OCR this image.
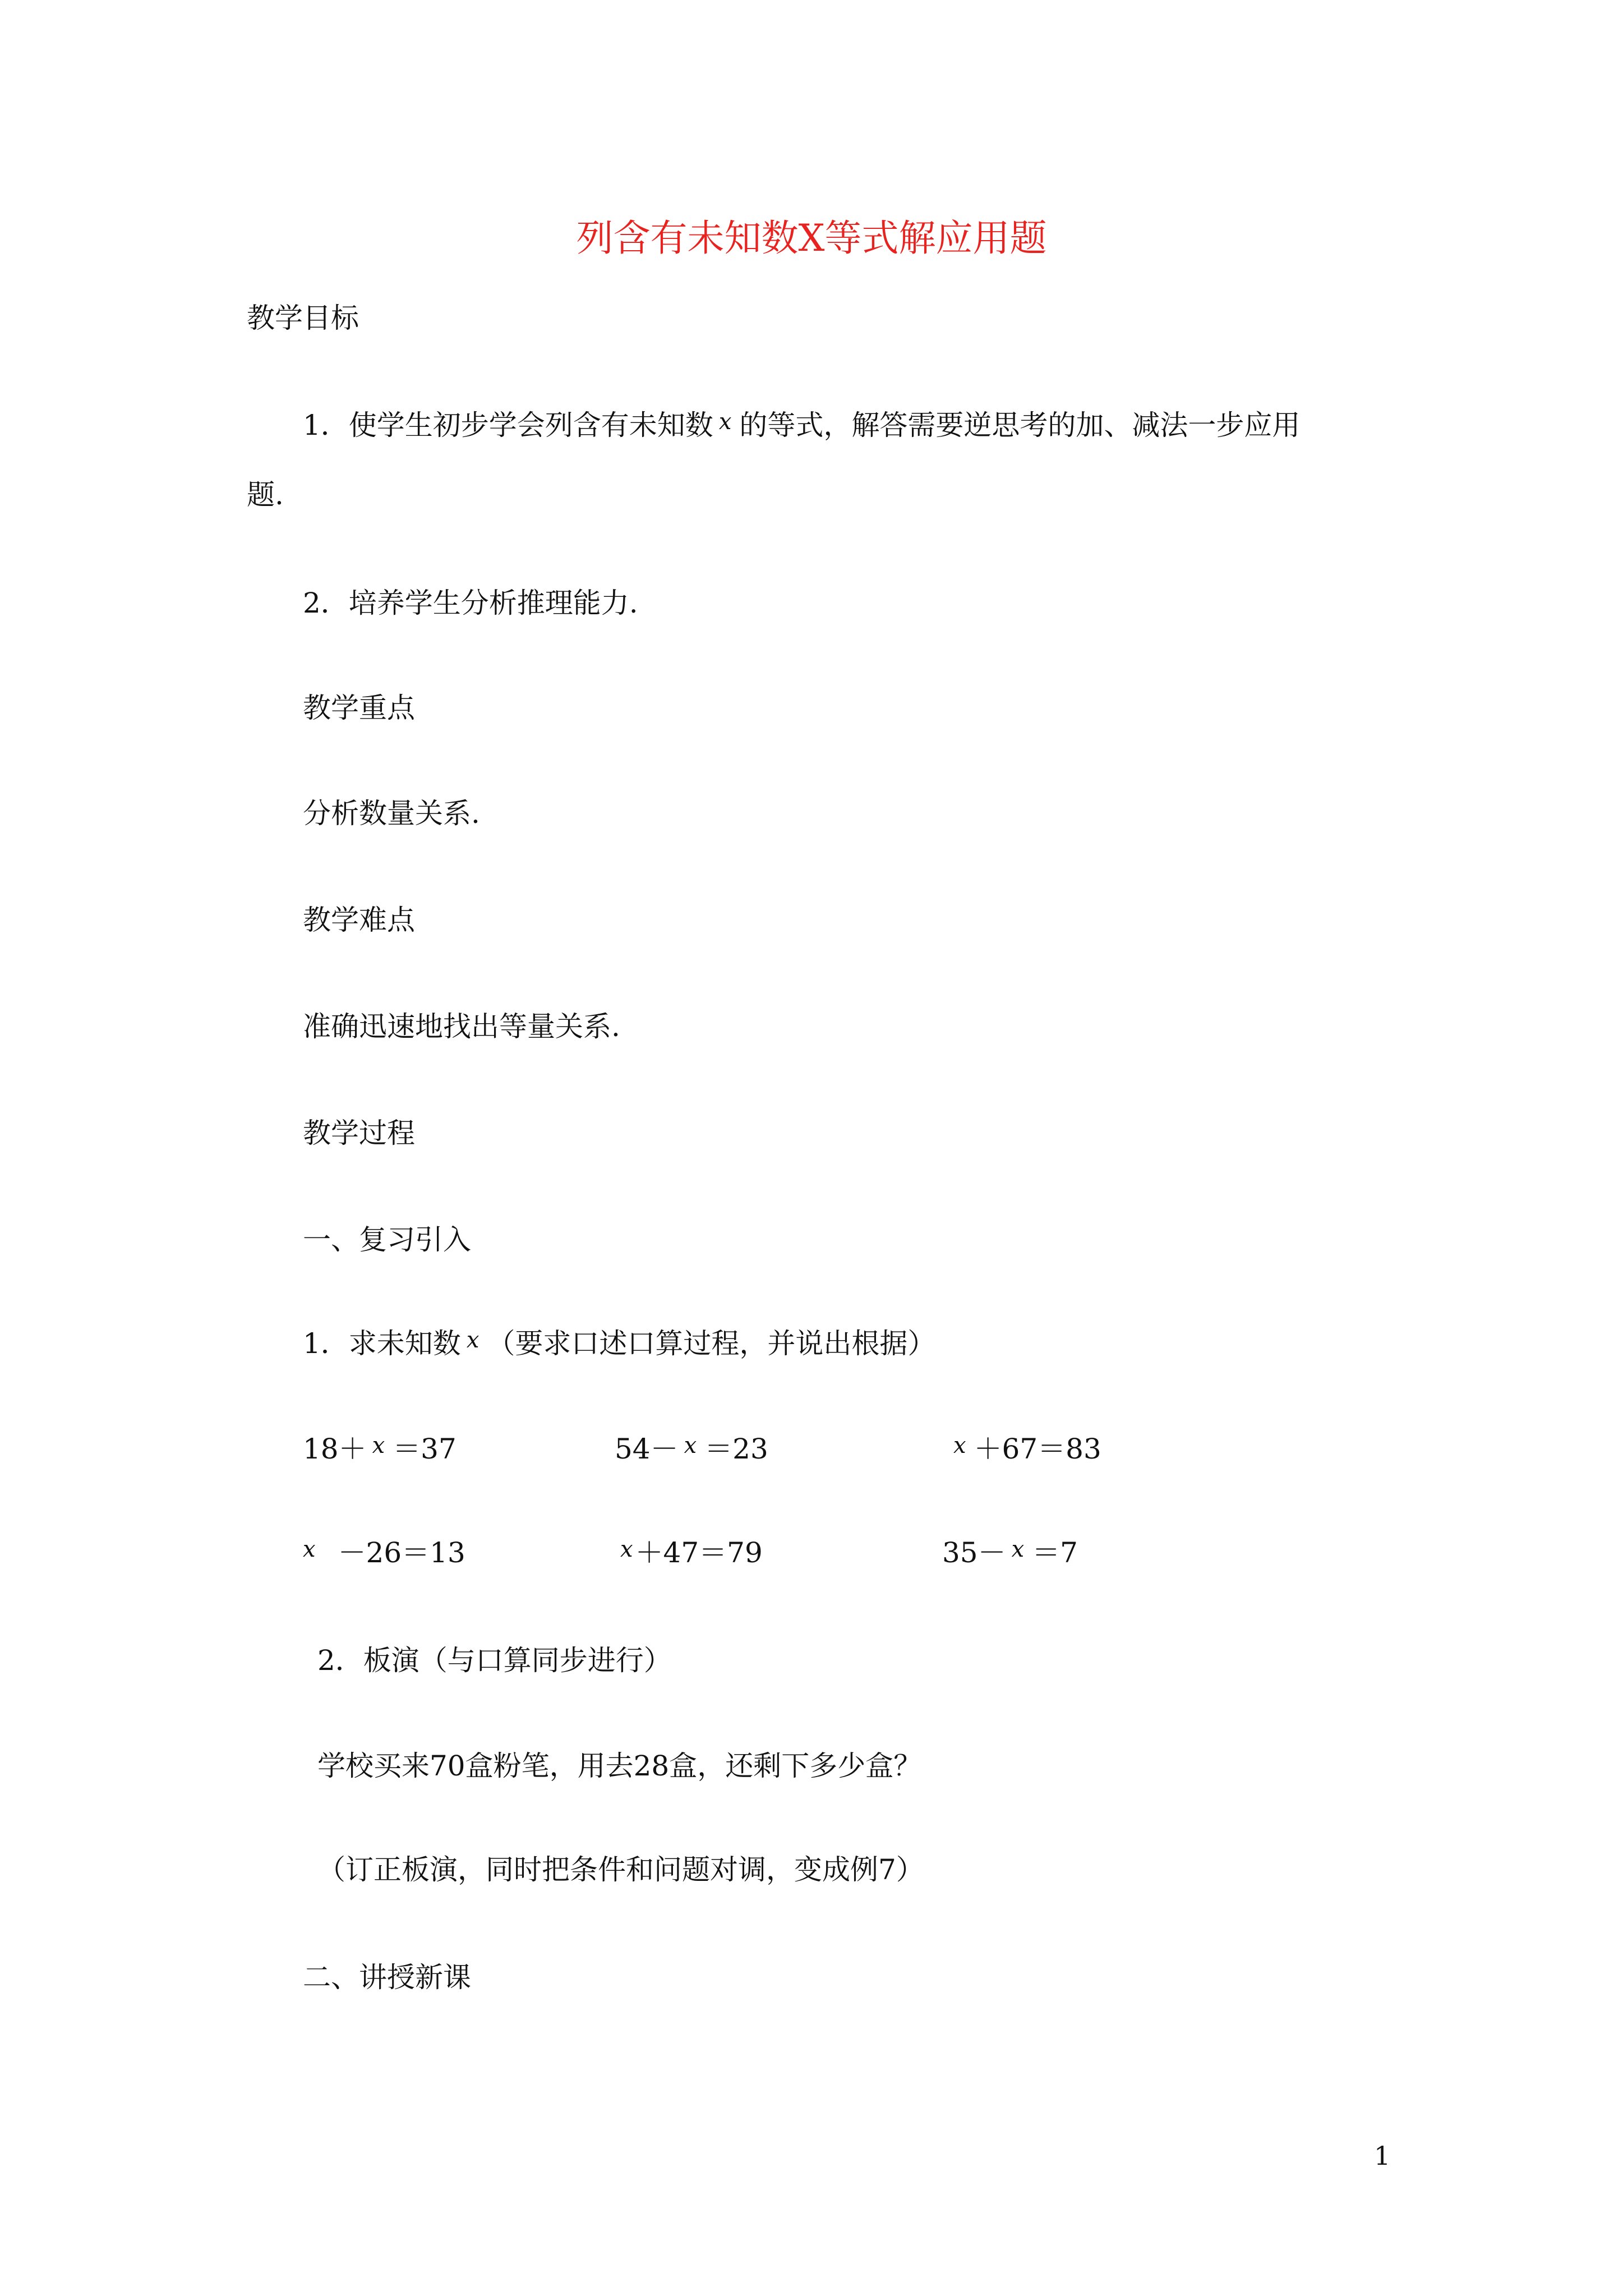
列含有未知数X等式解应用题
教学目标
1．使学生初步学会列含有未知数 $^x$ 的等式，解答需要逆思考的加、减法一步应用
题.
2．培养学生分析推理能力.
教学重点
分析数量关系.
教学难点
准确迅速地找出等量关系.
教学过程
一、复习引入
1．求未知数 $^x$ （要求口述口算过程，并说出根据）
18＋ $^x$ ＝37	54－ $^x$ ＝23	$^x$ ＋67＝83
$^x$ －26＝13	$^x$＋47＝79	35－ $^x$ ＝7
2．板演（与口算同步进行）
学校买来70盒粉笔，用去28盒，还剩下多少盒？
（订正板演，同时把条件和问题对调，变成例7）
二、讲授新课
1
